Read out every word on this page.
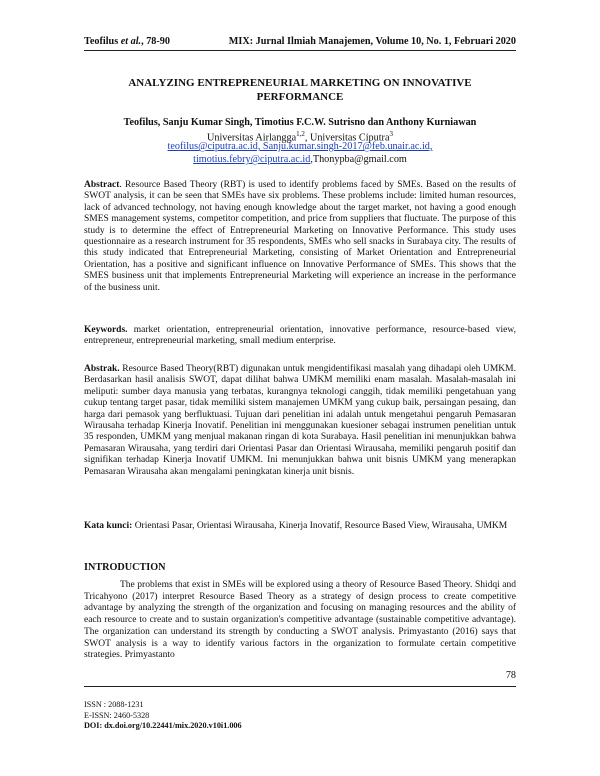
Teofilus et al., 78-90	MIX: Jurnal Ilmiah Manajemen, Volume 10, No. 1, Februari 2020
ANALYZING ENTREPRENEURIAL MARKETING ON INNOVATIVE PERFORMANCE
Teofilus, Sanju Kumar Singh, Timotius F.C.W. Sutrisno dan Anthony Kurniawan
Universitas Airlangga$^{1,2}$, Universitas Ciputra$^3$
teofilus@ciputra.ac.id, Sanju.kumar.singh-2017@feb.unair.ac.id,
timotius.febry@ciputra.ac.id,Thonypba@gmail.com
Abstract. Resource Based Theory (RBT) is used to identify problems faced by SMEs. Based on the results of SWOT analysis, it can be seen that SMEs have six problems. These problems include: limited human resources, lack of advanced technology, not having enough knowledge about the target market, not having a good enough SMES management systems, competitor competition, and price from suppliers that fluctuate. The purpose of this study is to determine the effect of Entrepreneurial Marketing on Innovative Performance. This study uses questionnaire as a research instrument for 35 respondents, SMEs who sell snacks in Surabaya city. The results of this study indicated that Entrepreneurial Marketing, consisting of Market Orientation and Entrepreneurial Orientation, has a positive and significant influence on Innovative Performance of SMEs. This shows that the SMES business unit that implements Entrepreneurial Marketing will experience an increase in the performance of the business unit.
Keywords. market orientation, entrepreneurial orientation, innovative performance, resource-based view, entrepreneur, entrepreneurial marketing, small medium enterprise.
Abstrak. Resource Based Theory(RBT) digunakan untuk mengidentifikasi masalah yang dihadapi oleh UMKM. Berdasarkan hasil analisis SWOT, dapat dilihat bahwa UMKM memiliki enam masalah. Masalah-masalah ini meliputi: sumber daya manusia yang terbatas, kurangnya teknologi canggih, tidak memiliki pengetahuan yang cukup tentang target pasar, tidak memiliki sistem manajemen UMKM yang cukup baik, persaingan pesaing, dan harga dari pemasok yang berfluktuasi. Tujuan dari penelitian ini adalah untuk mengetahui pengaruh Pemasaran Wirausaha terhadap Kinerja Inovatif. Penelitian ini menggunakan kuesioner sebagai instrumen penelitian untuk 35 responden, UMKM yang menjual makanan ringan di kota Surabaya. Hasil penelitian ini menunjukkan bahwa Pemasaran Wirausaha, yang terdiri dari Orientasi Pasar dan Orientasi Wirausaha, memiliki pengaruh positif dan signifikan terhadap Kinerja Inovatif UMKM. Ini menunjukkan bahwa unit bisnis UMKM yang menerapkan Pemasaran Wirausaha akan mengalami peningkatan kinerja unit bisnis.
Kata kunci: Orientasi Pasar, Orientasi Wirausaha, Kinerja Inovatif, Resource Based View, Wirausaha, UMKM
INTRODUCTION
The problems that exist in SMEs will be explored using a theory of Resource Based Theory. Shidqi and Tricahyono (2017) interpret Resource Based Theory as a strategy of design process to create competitive advantage by analyzing the strength of the organization and focusing on managing resources and the ability of each resource to create and to sustain organization's competitive advantage (sustainable competitive advantage). The organization can understand its strength by conducting a SWOT analysis. Primyastanto (2016) says that SWOT analysis is a way to identify various factors in the organization to formulate certain competitive strategies. Primyastanto
78
ISSN : 2088-1231
E-ISSN: 2460-5328
DOI: dx.doi.org/10.22441/mix.2020.v10i1.006
